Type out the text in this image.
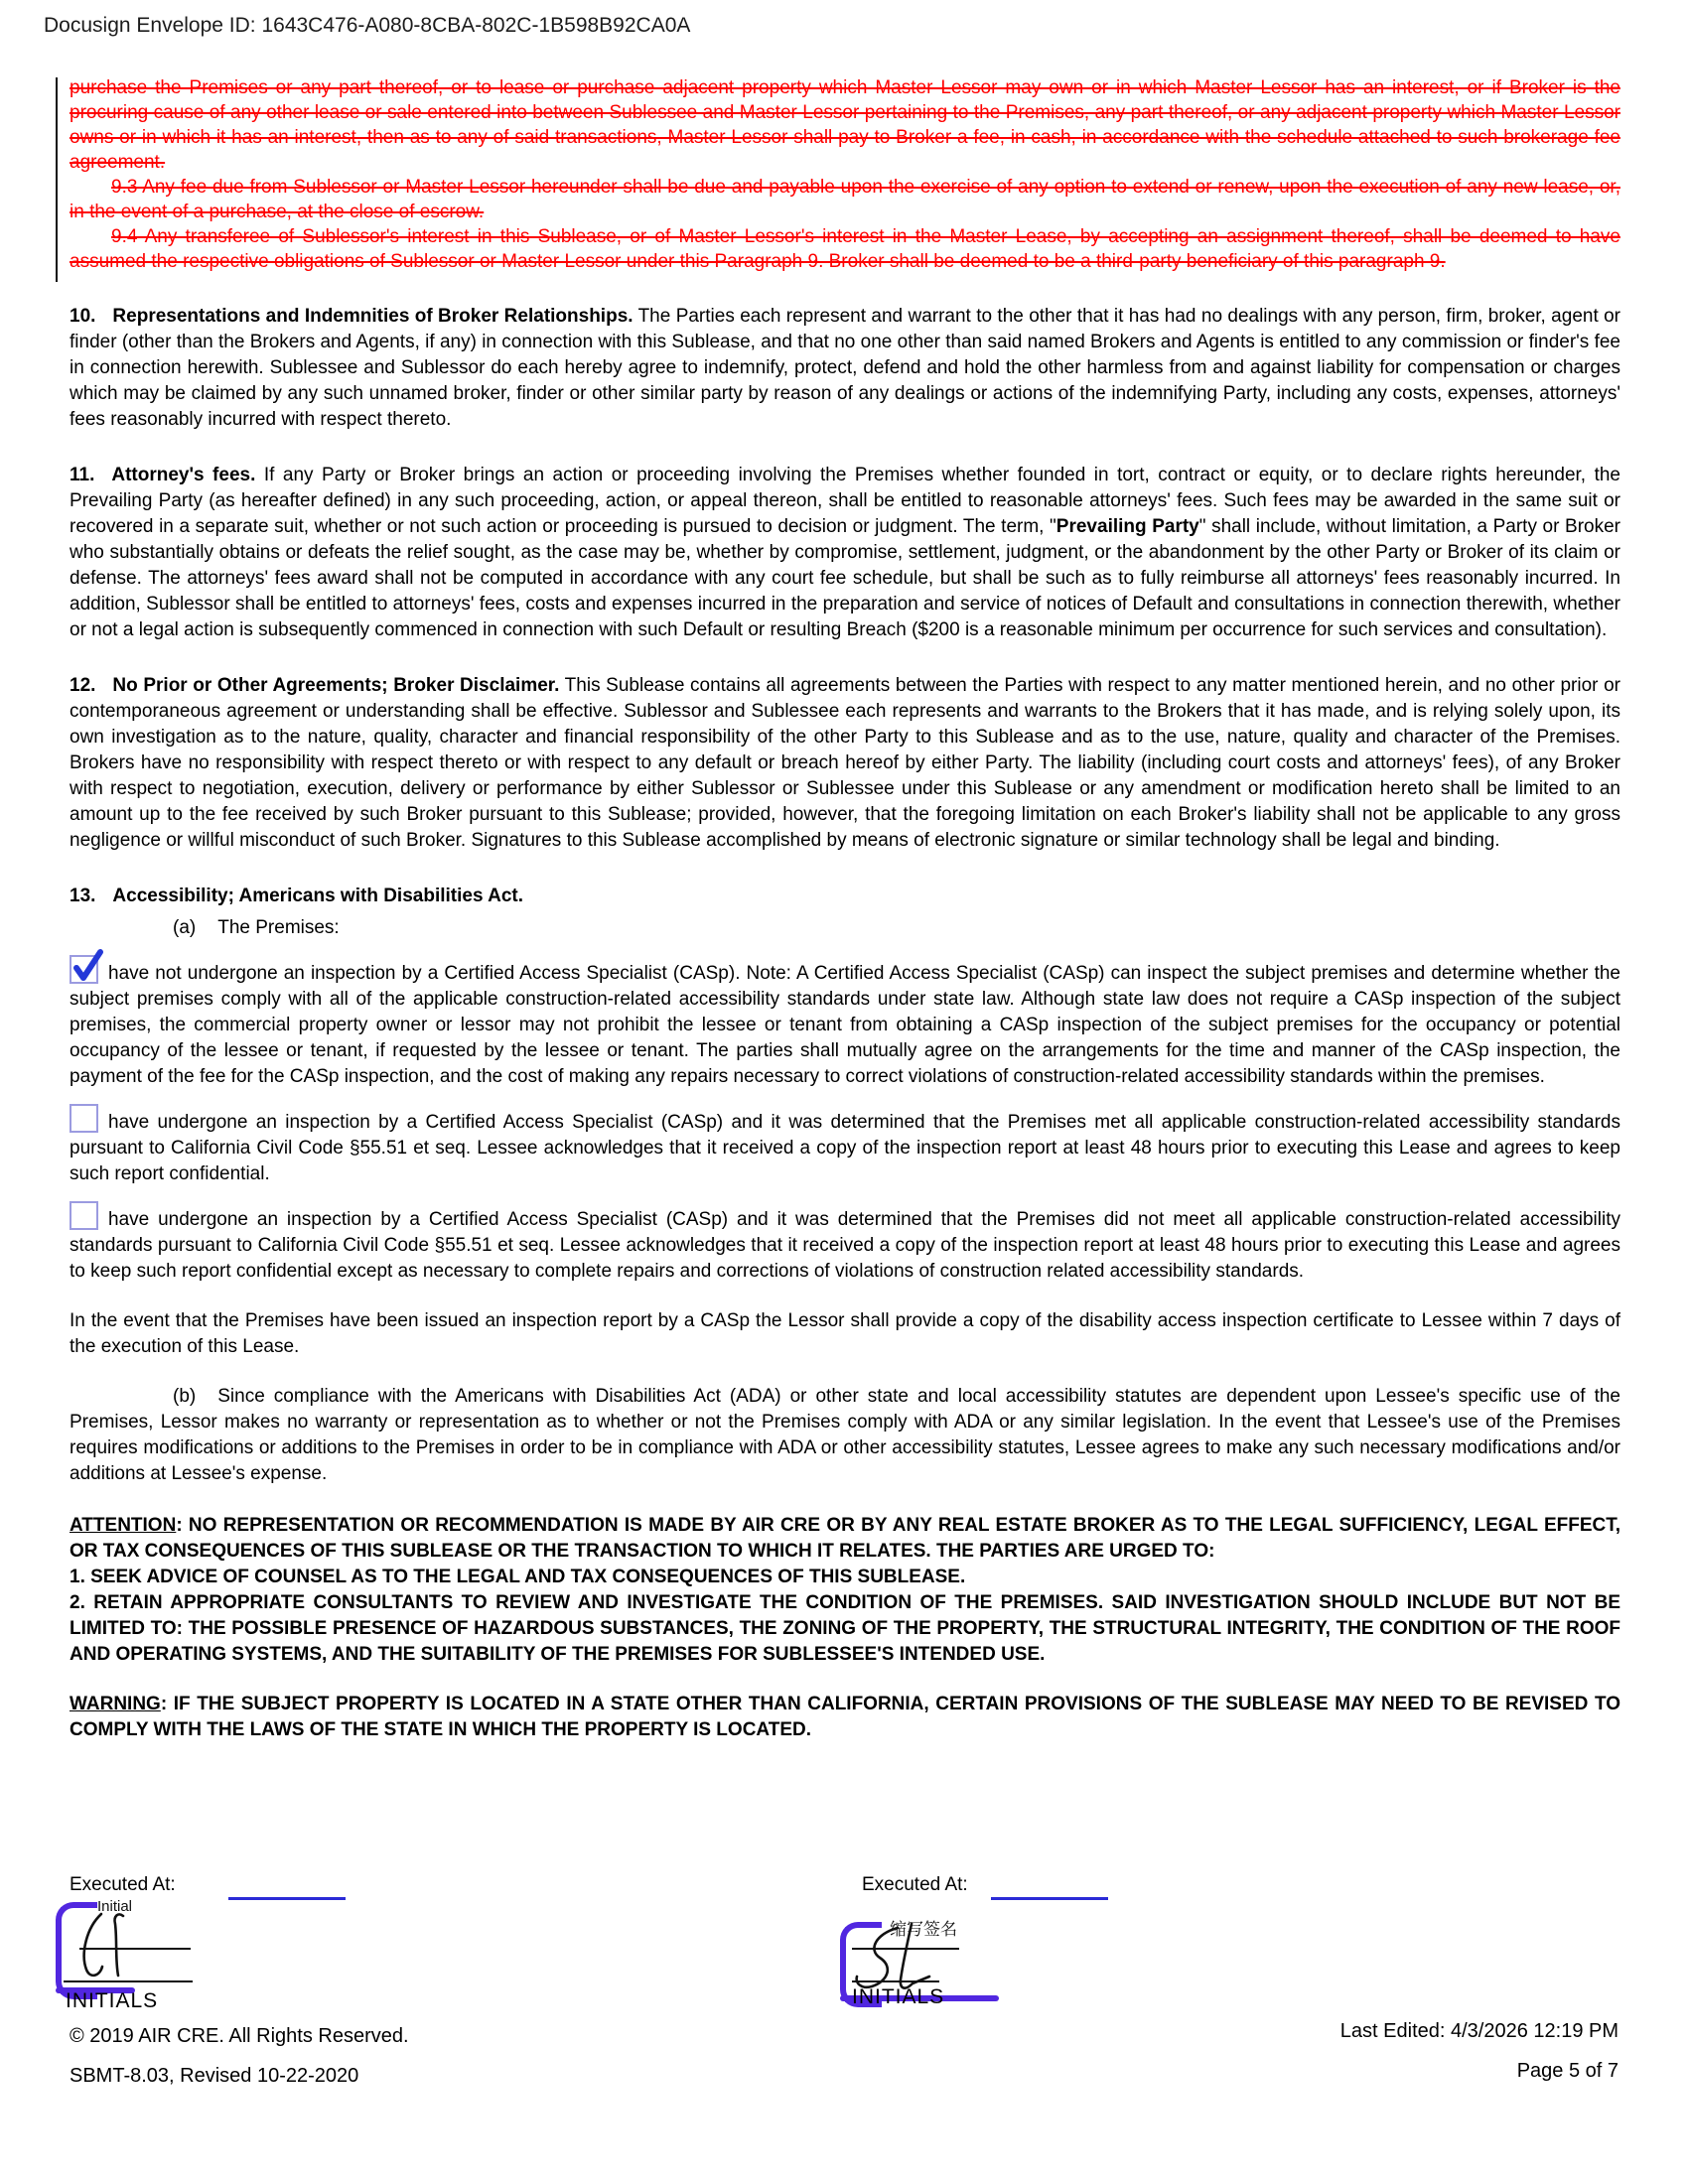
Docusign Envelope ID: 1643C476-A080-8CBA-802C-1B598B92CA0A

purchase the Premises or any part thereof, or to lease or purchase adjacent property which Master Lessor may own or in which Master Lessor has an interest, or if Broker is the procuring cause of any other lease or sale entered into between Sublessee and Master Lessor pertaining to the Premises, any part thereof, or any adjacent property which Master Lessor owns or in which it has an interest, then as to any of said transactions, Master Lessor shall pay to Broker a fee, in cash, in accordance with the schedule attached to such brokerage fee agreement.

9.3 Any fee due from Sublessor or Master Lessor hereunder shall be due and payable upon the exercise of any option to extend or renew, upon the execution of any new lease, or, in the event of a purchase, at the close of escrow.

9.4 Any transferee of Sublessor's interest in this Sublease, or of Master Lessor's interest in the Master Lease, by accepting an assignment thereof, shall be deemed to have assumed the respective obligations of Sublessor or Master Lessor under this Paragraph 9. Broker shall be deemed to be a third-party beneficiary of this paragraph 9.

10. Representations and Indemnities of Broker Relationships. The Parties each represent and warrant to the other that it has had no dealings with any person, firm, broker, agent or finder (other than the Brokers and Agents, if any) in connection with this Sublease, and that no one other than said named Brokers and Agents is entitled to any commission or finder's fee in connection herewith. Sublessee and Sublessor do each hereby agree to indemnify, protect, defend and hold the other harmless from and against liability for compensation or charges which may be claimed by any such unnamed broker, finder or other similar party by reason of any dealings or actions of the indemnifying Party, including any costs, expenses, attorneys' fees reasonably incurred with respect thereto.

11. Attorney's fees. If any Party or Broker brings an action or proceeding involving the Premises whether founded in tort, contract or equity, or to declare rights hereunder, the Prevailing Party (as hereafter defined) in any such proceeding, action, or appeal thereon, shall be entitled to reasonable attorneys' fees. Such fees may be awarded in the same suit or recovered in a separate suit, whether or not such action or proceeding is pursued to decision or judgment. The term, "Prevailing Party" shall include, without limitation, a Party or Broker who substantially obtains or defeats the relief sought, as the case may be, whether by compromise, settlement, judgment, or the abandonment by the other Party or Broker of its claim or defense. The attorneys' fees award shall not be computed in accordance with any court fee schedule, but shall be such as to fully reimburse all attorneys' fees reasonably incurred. In addition, Sublessor shall be entitled to attorneys' fees, costs and expenses incurred in the preparation and service of notices of Default and consultations in connection therewith, whether or not a legal action is subsequently commenced in connection with such Default or resulting Breach ($200 is a reasonable minimum per occurrence for such services and consultation).

12. No Prior or Other Agreements; Broker Disclaimer. This Sublease contains all agreements between the Parties with respect to any matter mentioned herein, and no other prior or contemporaneous agreement or understanding shall be effective. Sublessor and Sublessee each represents and warrants to the Brokers that it has made, and is relying solely upon, its own investigation as to the nature, quality, character and financial responsibility of the other Party to this Sublease and as to the use, nature, quality and character of the Premises. Brokers have no responsibility with respect thereto or with respect to any default or breach hereof by either Party. The liability (including court costs and attorneys' fees), of any Broker with respect to negotiation, execution, delivery or performance by either Sublessor or Sublessee under this Sublease or any amendment or modification hereto shall be limited to an amount up to the fee received by such Broker pursuant to this Sublease; provided, however, that the foregoing limitation on each Broker's liability shall not be applicable to any gross negligence or willful misconduct of such Broker. Signatures to this Sublease accomplished by means of electronic signature or similar technology shall be legal and binding.

13. Accessibility; Americans with Disabilities Act.

(a) The Premises:

have not undergone an inspection by a Certified Access Specialist (CASp). Note: A Certified Access Specialist (CASp) can inspect the subject premises and determine whether the subject premises comply with all of the applicable construction-related accessibility standards under state law. Although state law does not require a CASp inspection of the subject premises, the commercial property owner or lessor may not prohibit the lessee or tenant from obtaining a CASp inspection of the subject premises for the occupancy or potential occupancy of the lessee or tenant, if requested by the lessee or tenant. The parties shall mutually agree on the arrangements for the time and manner of the CASp inspection, the payment of the fee for the CASp inspection, and the cost of making any repairs necessary to correct violations of construction-related accessibility standards within the premises.

have undergone an inspection by a Certified Access Specialist (CASp) and it was determined that the Premises met all applicable construction-related accessibility standards pursuant to California Civil Code §55.51 et seq. Lessee acknowledges that it received a copy of the inspection report at least 48 hours prior to executing this Lease and agrees to keep such report confidential.

have undergone an inspection by a Certified Access Specialist (CASp) and it was determined that the Premises did not meet all applicable construction-related accessibility standards pursuant to California Civil Code §55.51 et seq. Lessee acknowledges that it received a copy of the inspection report at least 48 hours prior to executing this Lease and agrees to keep such report confidential except as necessary to complete repairs and corrections of violations of construction related accessibility standards.

In the event that the Premises have been issued an inspection report by a CASp the Lessor shall provide a copy of the disability access inspection certificate to Lessee within 7 days of the execution of this Lease.

(b) Since compliance with the Americans with Disabilities Act (ADA) or other state and local accessibility statutes are dependent upon Lessee's specific use of the Premises, Lessor makes no warranty or representation as to whether or not the Premises comply with ADA or any similar legislation. In the event that Lessee's use of the Premises requires modifications or additions to the Premises in order to be in compliance with ADA or other accessibility statutes, Lessee agrees to make any such necessary modifications and/or additions at Lessee's expense.

ATTENTION: NO REPRESENTATION OR RECOMMENDATION IS MADE BY AIR CRE OR BY ANY REAL ESTATE BROKER AS TO THE LEGAL SUFFICIENCY, LEGAL EFFECT, OR TAX CONSEQUENCES OF THIS SUBLEASE OR THE TRANSACTION TO WHICH IT RELATES. THE PARTIES ARE URGED TO:
1. SEEK ADVICE OF COUNSEL AS TO THE LEGAL AND TAX CONSEQUENCES OF THIS SUBLEASE.
2. RETAIN APPROPRIATE CONSULTANTS TO REVIEW AND INVESTIGATE THE CONDITION OF THE PREMISES. SAID INVESTIGATION SHOULD INCLUDE BUT NOT BE LIMITED TO: THE POSSIBLE PRESENCE OF HAZARDOUS SUBSTANCES, THE ZONING OF THE PROPERTY, THE STRUCTURAL INTEGRITY, THE CONDITION OF THE ROOF AND OPERATING SYSTEMS, AND THE SUITABILITY OF THE PREMISES FOR SUBLESSEE'S INTENDED USE.
WARNING: IF THE SUBJECT PROPERTY IS LOCATED IN A STATE OTHER THAN CALIFORNIA, CERTAIN PROVISIONS OF THE SUBLEASE MAY NEED TO BE REVISED TO COMPLY WITH THE LAWS OF THE STATE IN WHICH THE PROPERTY IS LOCATED.
Executed At:	Executed At:
Initial
INITIALS
缩写签名
INITIALS
© 2019 AIR CRE. All Rights Reserved.
SBMT-8.03, Revised 10-22-2020
Last Edited: 4/3/2026 12:19 PM
Page 5 of 7
